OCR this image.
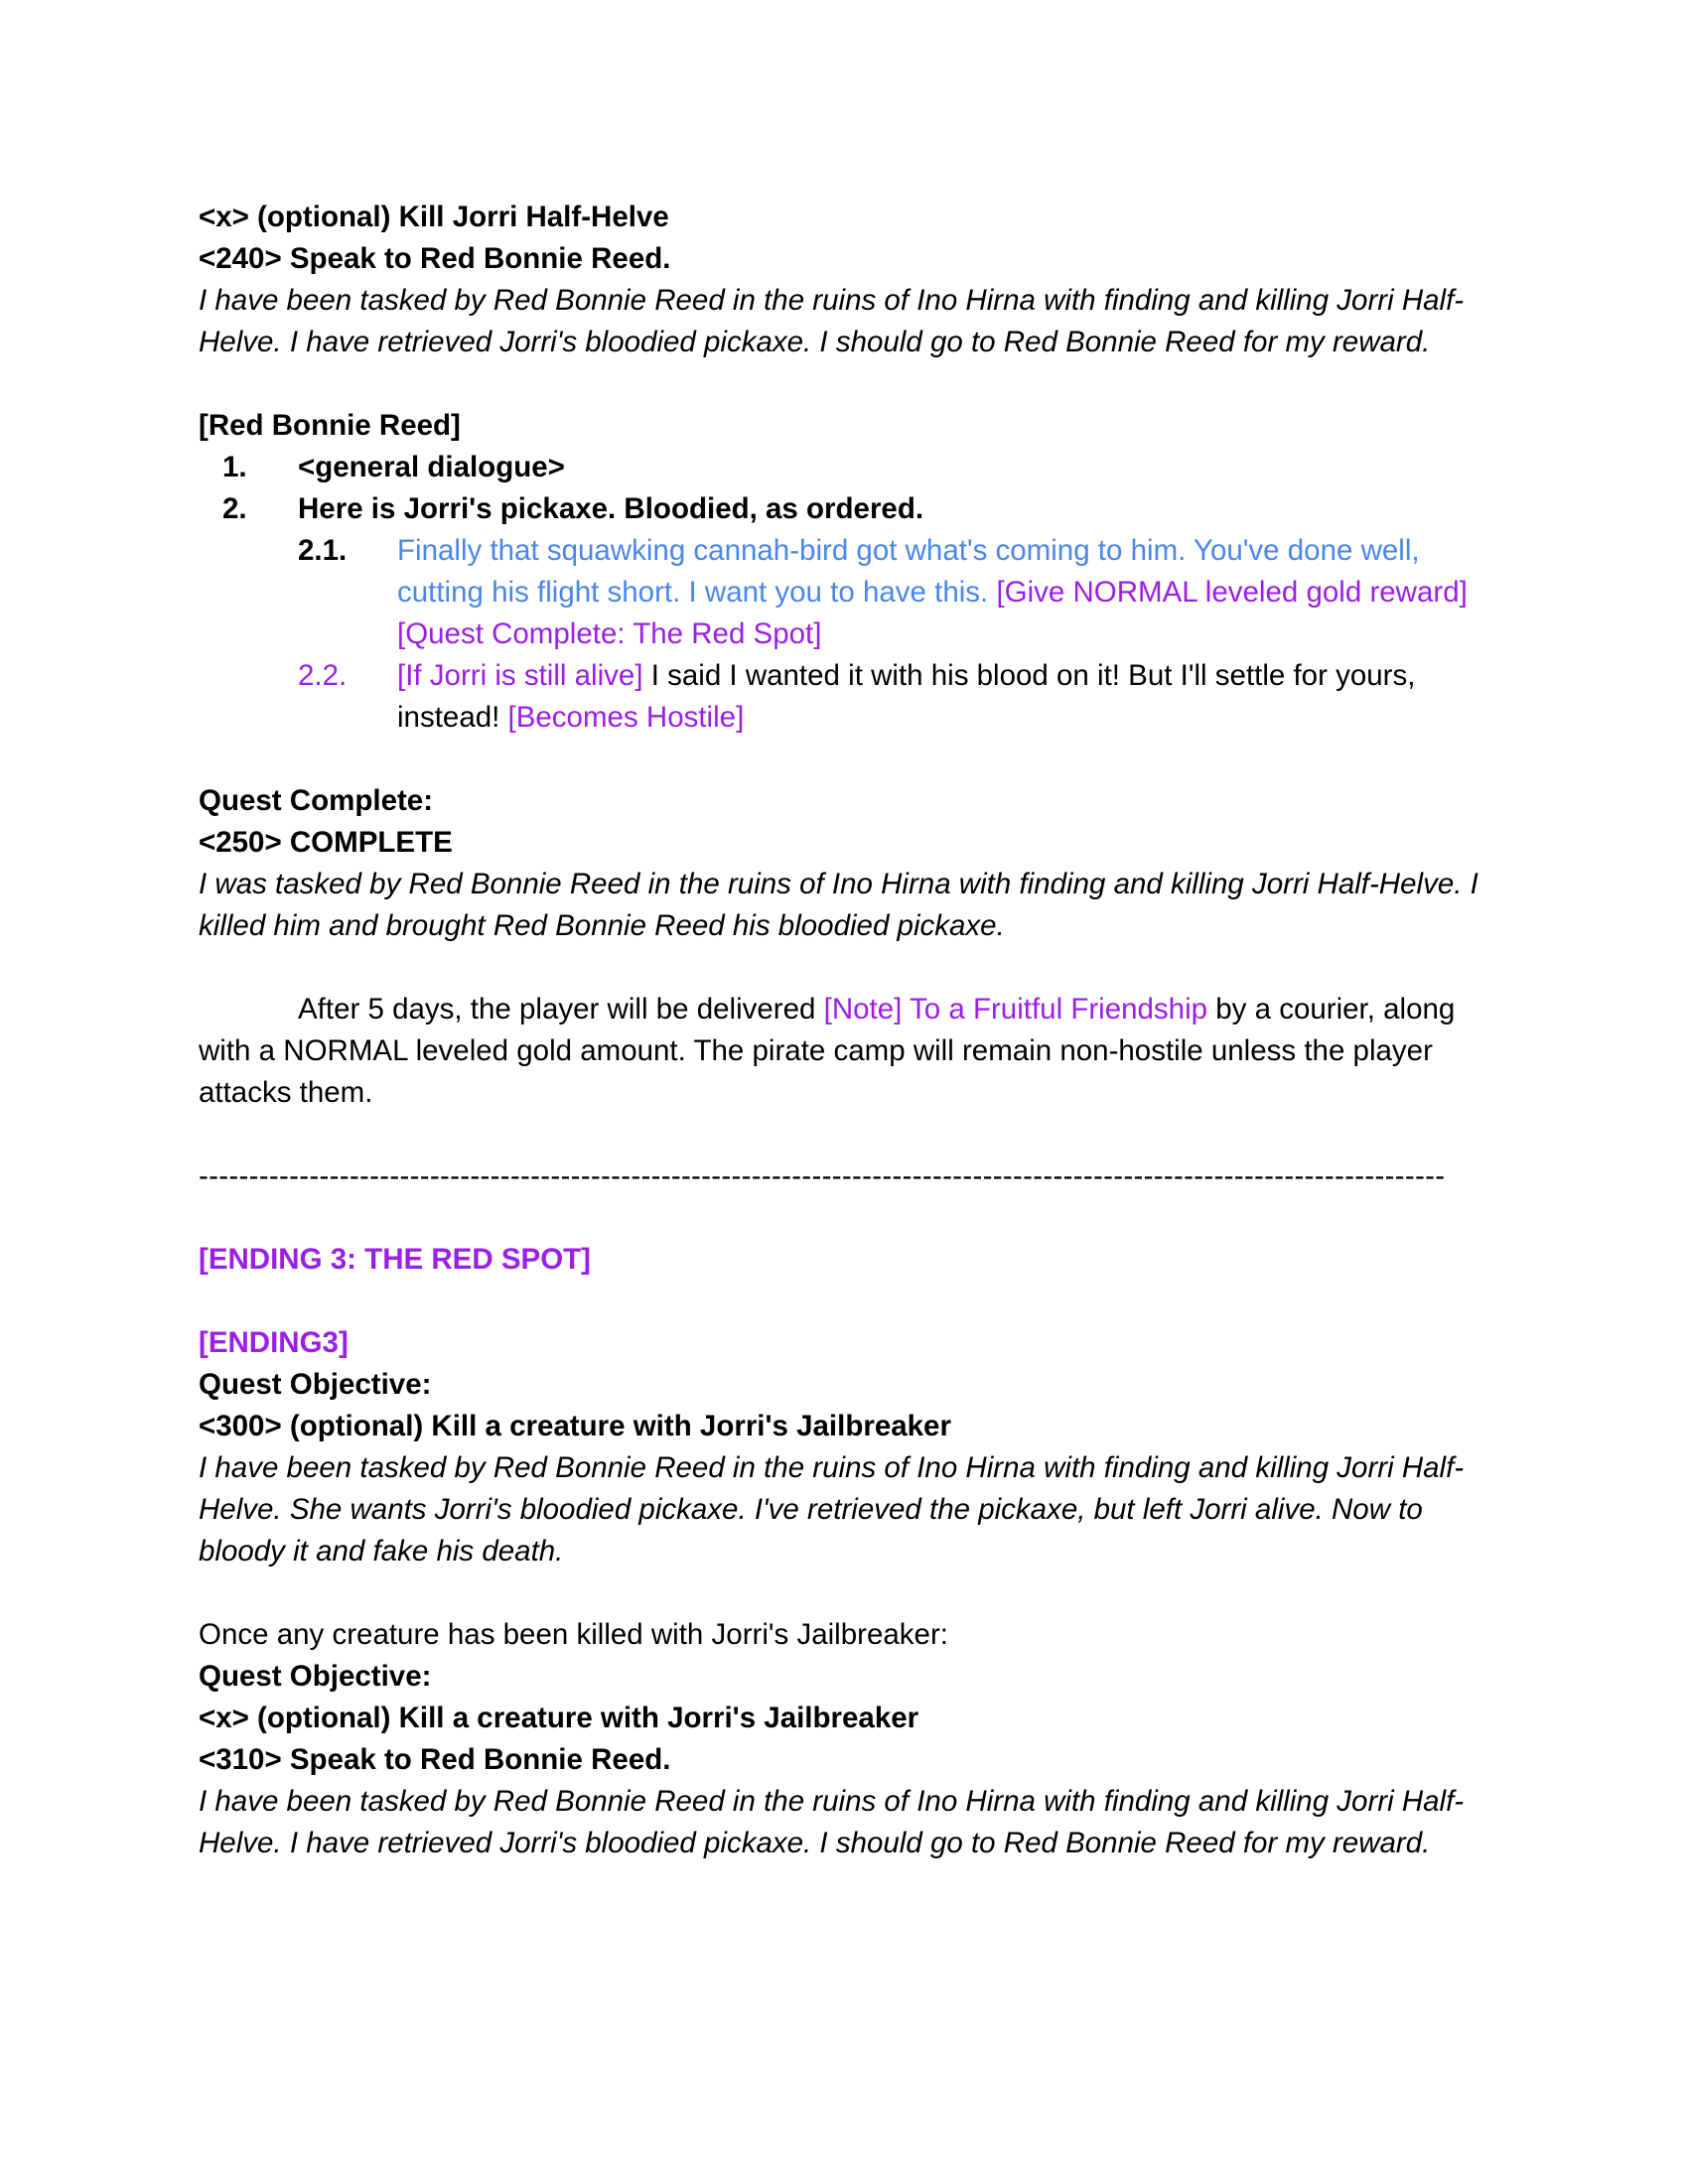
<x> (optional) Kill Jorri Half-Helve
<240> Speak to Red Bonnie Reed.
I have been tasked by Red Bonnie Reed in the ruins of Ino Hirna with finding and killing Jorri Half-Helve. I have retrieved Jorri's bloodied pickaxe. I should go to Red Bonnie Reed for my reward.
[Red Bonnie Reed]
1.	<general dialogue>
2.	Here is Jorri's pickaxe. Bloodied, as ordered.
2.1.	Finally that squawking cannah-bird got what's coming to him. You've done well, cutting his flight short. I want you to have this. [Give NORMAL leveled gold reward][Quest Complete: The Red Spot]
2.2.	[If Jorri is still alive] I said I wanted it with his blood on it! But I'll settle for yours, instead! [Becomes Hostile]
Quest Complete:
<250> COMPLETE
I was tasked by Red Bonnie Reed in the ruins of Ino Hirna with finding and killing Jorri Half-Helve. I killed him and brought Red Bonnie Reed his bloodied pickaxe.
After 5 days, the player will be delivered [Note] To a Fruitful Friendship by a courier, along with a NORMAL leveled gold amount. The pirate camp will remain non-hostile unless the player attacks them.
----------------------------------------------------------------------------------------------------------------------------
[ENDING 3: THE RED SPOT]
[ENDING3]
Quest Objective:
<300> (optional) Kill a creature with Jorri's Jailbreaker
I have been tasked by Red Bonnie Reed in the ruins of Ino Hirna with finding and killing Jorri Half-Helve. She wants Jorri's bloodied pickaxe. I've retrieved the pickaxe, but left Jorri alive. Now to bloody it and fake his death.
Once any creature has been killed with Jorri's Jailbreaker:
Quest Objective:
<x> (optional) Kill a creature with Jorri's Jailbreaker
<310> Speak to Red Bonnie Reed.
I have been tasked by Red Bonnie Reed in the ruins of Ino Hirna with finding and killing Jorri Half-Helve. I have retrieved Jorri's bloodied pickaxe. I should go to Red Bonnie Reed for my reward.
